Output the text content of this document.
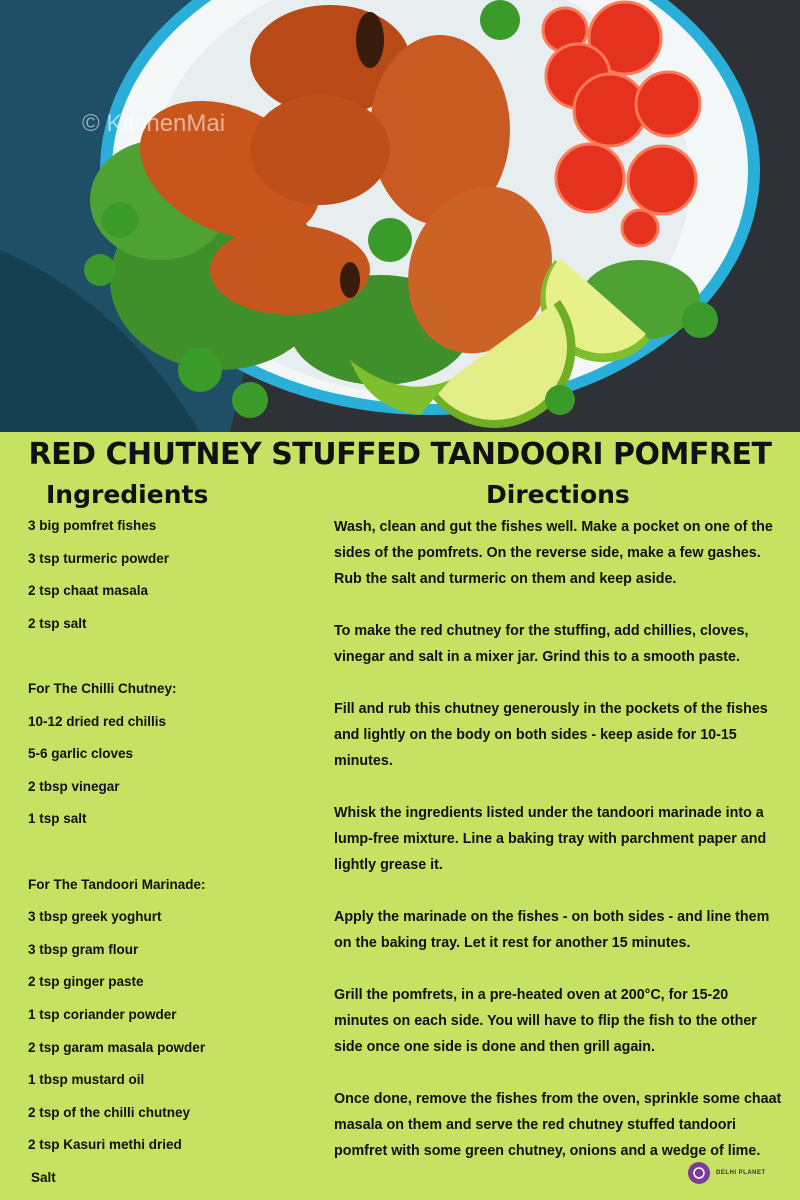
© KitchenMai
RED CHUTNEY STUFFED TANDOORI POMFRET
Ingredients	Directions
3 big pomfret fishes
3 tsp turmeric powder
2 tsp chaat masala
2 tsp salt
For The Chilli Chutney:
10-12 dried red chillis
5-6 garlic cloves
2 tbsp vinegar
1 tsp salt
For The Tandoori Marinade:
3 tbsp greek yoghurt
3 tbsp gram flour
2 tsp ginger paste
1 tsp coriander powder
2 tsp garam masala powder
1 tbsp mustard oil
2 tsp of the chilli chutney
2 tsp Kasuri methi dried
Salt

Wash, clean and gut the fishes well. Make a pocket on one of the sides of the pomfrets. On the reverse side, make a few gashes. Rub the salt and turmeric on them and keep aside.

To make the red chutney for the stuffing, add chillies, cloves, vinegar and salt in a mixer jar. Grind this to a smooth paste.

Fill and rub this chutney generously in the pockets of the fishes and lightly on the body on both sides - keep aside for 10-15 minutes.

Whisk the ingredients listed under the tandoori marinade into a lump-free mixture. Line a baking tray with parchment paper and lightly grease it.

Apply the marinade on the fishes - on both sides - and line them on the baking tray. Let it rest for another 15 minutes.

Grill the pomfrets, in a pre-heated oven at 200°C, for 15-20 minutes on each side. You will have to flip the fish to the other side once one side is done and then grill again.

Once done, remove the fishes from the oven, sprinkle some chaat masala on them and serve the red chutney stuffed tandoori pomfret with some green chutney, onions and a wedge of lime.

DELHI PLANET
